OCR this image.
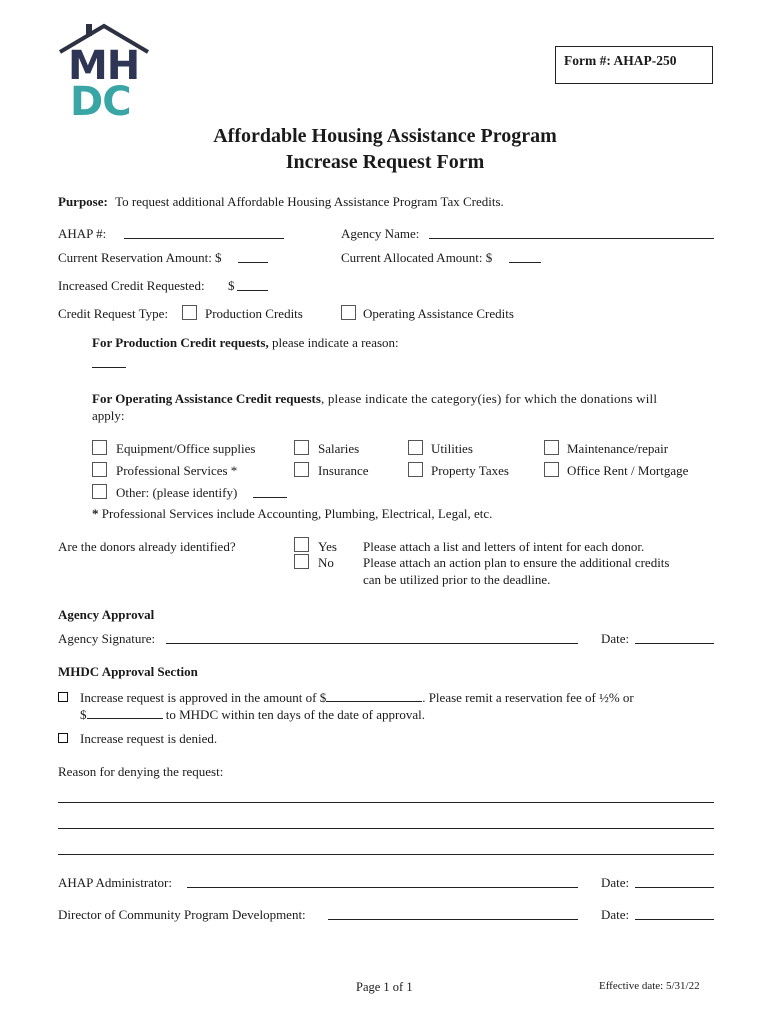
MH
DC
Form #: AHAP-250
Affordable Housing Assistance Program
Increase Request Form
Purpose: To request additional Affordable Housing Assistance Program Tax Credits.
AHAP #:	Agency Name:
Current Reservation Amount: $	Current Allocated Amount: $
Increased Credit Requested: $
Credit Request Type:	Production Credits	Operating Assistance Credits
For Production Credit requests, please indicate a reason:
For Operating Assistance Credit requests, please indicate the category(ies) for which the donations will
apply:
Equipment/Office supplies	Salaries	Utilities	Maintenance/repair
Professional Services *	Insurance	Property Taxes	Office Rent / Mortgage
Other: (please identify)
* Professional Services include Accounting, Plumbing, Electrical, Legal, etc.
Are the donors already identified?	Yes
No
Please attach a list and letters of intent for each donor.
Please attach an action plan to ensure the additional credits
can be utilized prior to the deadline.
Agency Approval
Agency Signature:	Date:
MHDC Approval Section
Increase request is approved in the amount of $	. Please remit a reservation fee of ½% or
$	to MHDC within ten days of the date of approval.
Increase request is denied.
Reason for denying the request:
AHAP Administrator:	Date:
Director of Community Program Development:	Date:
Page 1 of 1	Effective date: 5/31/22
